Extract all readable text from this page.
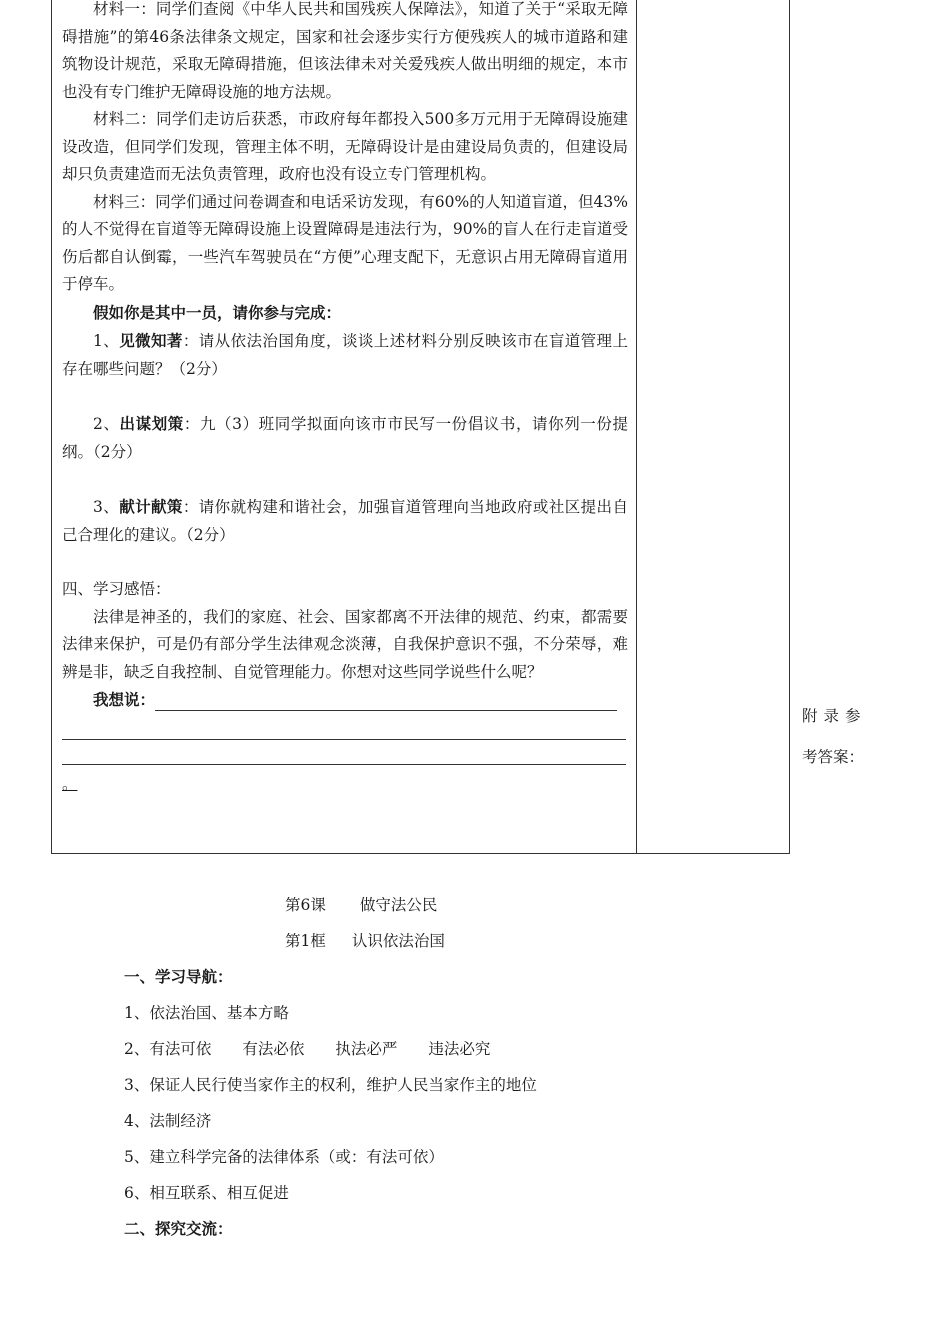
材料一：同学们查阅《中华人民共和国残疾人保障法》，知道了关于“采取无障碍措施”的第46条法律条文规定，国家和社会逐步实行方便残疾人的城市道路和建筑物设计规范，采取无障碍措施，但该法律未对关爱残疾人做出明细的规定，本市也没有专门维护无障碍设施的地方法规。

材料二：同学们走访后获悉，市政府每年都投入500多万元用于无障碍设施建设改造，但同学们发现，管理主体不明，无障碍设计是由建设局负责的，但建设局却只负责建造而无法负责管理，政府也没有设立专门管理机构。

材料三：同学们通过问卷调查和电话采访发现，有60%的人知道盲道，但43%的人不觉得在盲道等无障碍设施上设置障碍是违法行为，90%的盲人在行走盲道受伤后都自认倒霉，一些汽车驾驶员在“方便”心理支配下，无意识占用无障碍盲道用于停车。

假如你是其中一员，请你参与完成：

1、见微知著：请从依法治国角度，谈谈上述材料分别反映该市在盲道管理上存在哪些问题？（2分）

2、出谋划策：九（3）班同学拟面向该市市民写一份倡议书，请你列一份提纲。（2分）

3、献计献策：请你就构建和谐社会，加强盲道管理向当地政府或社区提出自己合理化的建议。（2分）

四、学习感悟：

法律是神圣的，我们的家庭、社会、国家都离不开法律的规范、约束，都需要法律来保护，可是仍有部分学生法律观念淡薄，自我保护意识不强，不分荣辱，难辨是非，缺乏自我控制、自觉管理能力。你想对这些同学说些什么呢？

我想说：

。

附录参
考答案：
第6课 做守法公民
第1框 认识依法治国
一、学习导航：
1、依法治国、基本方略
2、有法可依　　有法必依　　执法必严　　违法必究
3、保证人民行使当家作主的权利，维护人民当家作主的地位
4、法制经济
5、建立科学完备的法律体系（或：有法可依）
6、相互联系、相互促进
二、探究交流：
